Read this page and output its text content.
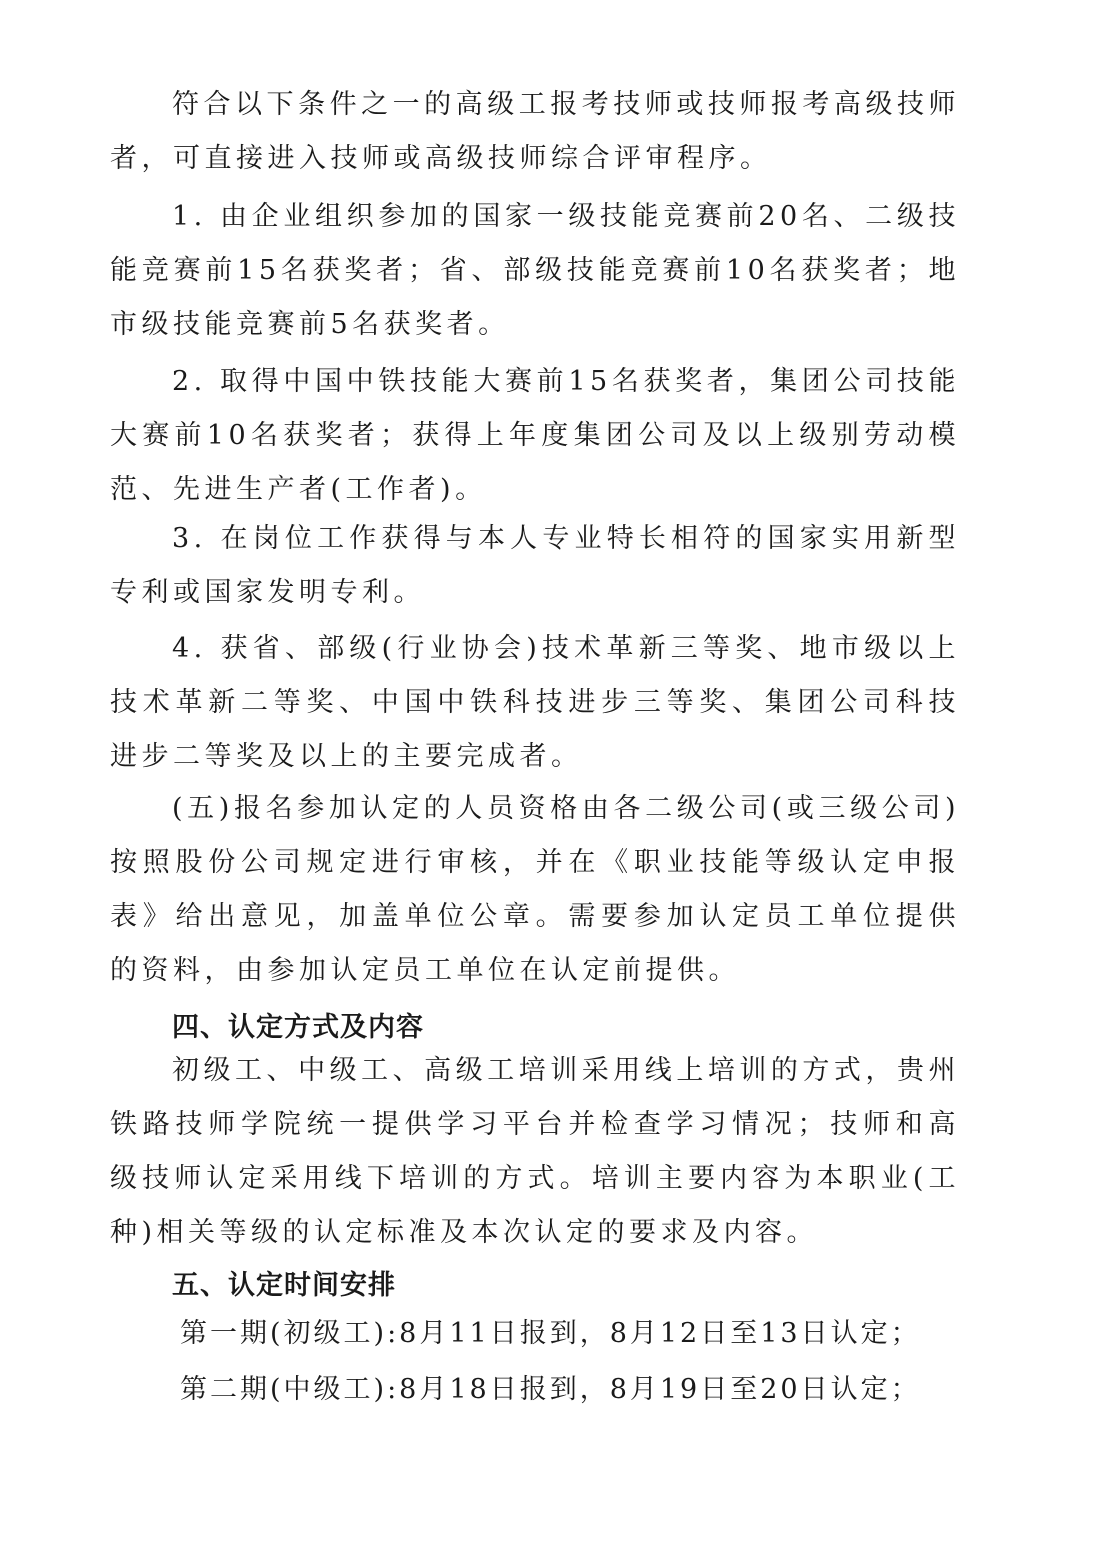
符合以下条件之一的高级工报考技师或技师报考高级技师者，可直接进入技师或高级技师综合评审程序。

1. 由企业组织参加的国家一级技能竞赛前20名、二级技能竞赛前15名获奖者；省、部级技能竞赛前10名获奖者；地市级技能竞赛前5名获奖者。

2. 取得中国中铁技能大赛前15名获奖者，集团公司技能大赛前10名获奖者；获得上年度集团公司及以上级别劳动模范、先进生产者(工作者)。

3. 在岗位工作获得与本人专业特长相符的国家实用新型专利或国家发明专利。

4. 获省、部级(行业协会)技术革新三等奖、地市级以上技术革新二等奖、中国中铁科技进步三等奖、集团公司科技进步二等奖及以上的主要完成者。

(五)报名参加认定的人员资格由各二级公司(或三级公司)按照股份公司规定进行审核，并在《职业技能等级认定申报表》给出意见，加盖单位公章。需要参加认定员工单位提供的资料，由参加认定员工单位在认定前提供。

四、认定方式及内容

初级工、中级工、高级工培训采用线上培训的方式，贵州铁路技师学院统一提供学习平台并检查学习情况；技师和高级技师认定采用线下培训的方式。培训主要内容为本职业(工种)相关等级的认定标准及本次认定的要求及内容。

五、认定时间安排

第一期(初级工):8月11日报到，8月12日至13日认定；

第二期(中级工):8月18日报到，8月19日至20日认定；
